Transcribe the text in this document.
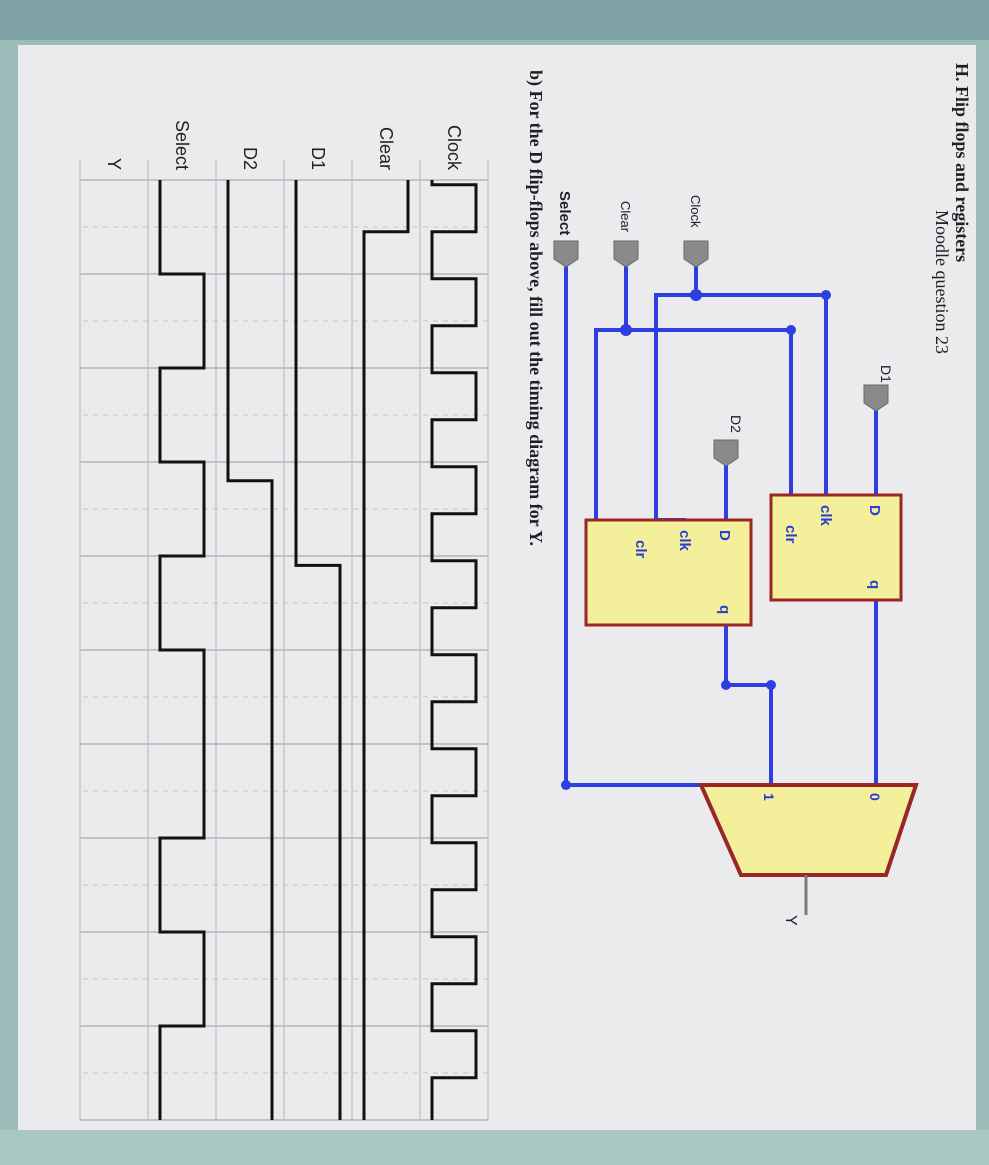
H. Flip flops and registers
Moodle question 23
D1
D2
Clock
Clear
Select
D
clk
clr
q
D
clk
clr
q
0
1
Y
b) For the D flip-flops above, fill out the timing diagram for Y.
Clock
Clear
D1
D2
Select
Y
